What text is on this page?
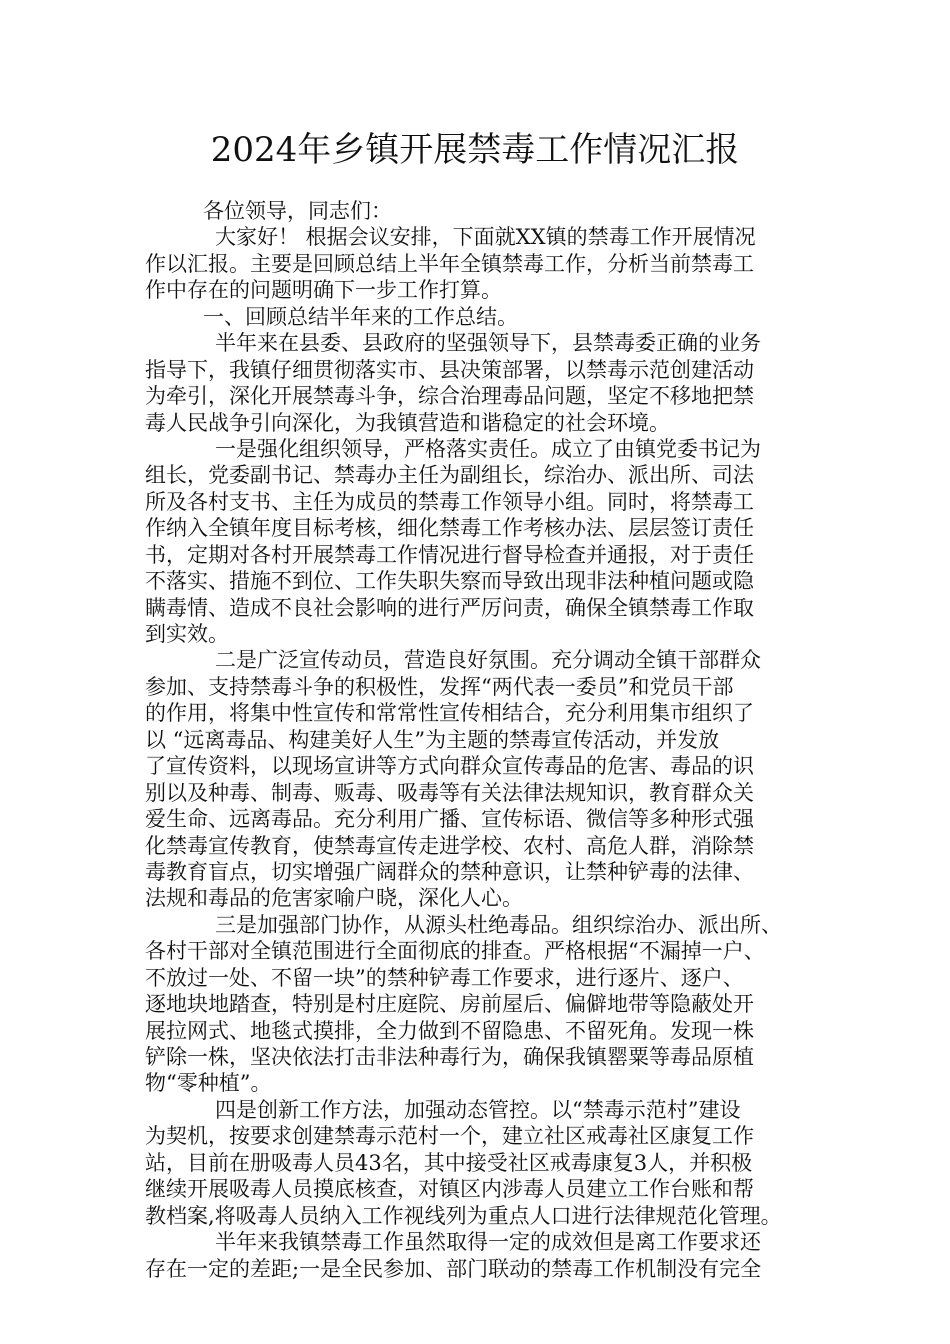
2024年乡镇开展禁毒工作情况汇报
各位领导，同志们：
大家好！ 根据会议安排，下面就XX镇的禁毒工作开展情况
作以汇报。主要是回顾总结上半年全镇禁毒工作，分析当前禁毒工
作中存在的问题明确下一步工作打算。
一、回顾总结半年来的工作总结。
半年来在县委、县政府的坚强领导下，县禁毒委正确的业务
指导下，我镇仔细贯彻落实市、县决策部署，以禁毒示范创建活动
为牵引，深化开展禁毒斗争，综合治理毒品问题，坚定不移地把禁
毒人民战争引向深化，为我镇营造和谐稳定的社会环境。
一是强化组织领导，严格落实责任。成立了由镇党委书记为
组长，党委副书记、禁毒办主任为副组长，综治办、派出所、司法
所及各村支书、主任为成员的禁毒工作领导小组。同时，将禁毒工
作纳入全镇年度目标考核，细化禁毒工作考核办法、层层签订责任
书，定期对各村开展禁毒工作情况进行督导检查并通报，对于责任
不落实、措施不到位、工作失职失察而导致出现非法种植问题或隐
瞒毒情、造成不良社会影响的进行严厉问责，确保全镇禁毒工作取
到实效。
二是广泛宣传动员，营造良好氛围。充分调动全镇干部群众
参加、支持禁毒斗争的积极性，发挥“两代表一委员”和党员干部
的作用，将集中性宣传和常常性宣传相结合，充分利用集市组织了
以 “远离毒品、构建美好人生”为主题的禁毒宣传活动，并发放
了宣传资料，以现场宣讲等方式向群众宣传毒品的危害、毒品的识
别以及种毒、制毒、贩毒、吸毒等有关法律法规知识，教育群众关
爱生命、远离毒品。充分利用广播、宣传标语、微信等多种形式强
化禁毒宣传教育，使禁毒宣传走进学校、农村、高危人群，消除禁
毒教育盲点，切实增强广阔群众的禁种意识，让禁种铲毒的法律、
法规和毒品的危害家喻户晓，深化人心。
三是加强部门协作，从源头杜绝毒品。组织综治办、派出所、
各村干部对全镇范围进行全面彻底的排查。严格根据“不漏掉一户、
不放过一处、不留一块”的禁种铲毒工作要求，进行逐片、逐户、
逐地块地踏查，特别是村庄庭院、房前屋后、偏僻地带等隐蔽处开
展拉网式、地毯式摸排，全力做到不留隐患、不留死角。发现一株
铲除一株，坚决依法打击非法种毒行为，确保我镇罂粟等毒品原植
物“零种植”。
四是创新工作方法，加强动态管控。以“禁毒示范村”建设
为契机，按要求创建禁毒示范村一个，建立社区戒毒社区康复工作
站，目前在册吸毒人员43名，其中接受社区戒毒康复3人，并积极
继续开展吸毒人员摸底核查，对镇区内涉毒人员建立工作台账和帮
教档案,将吸毒人员纳入工作视线列为重点人口进行法律规范化管理。
半年来我镇禁毒工作虽然取得一定的成效但是离工作要求还
存在一定的差距;一是全民参加、部门联动的禁毒工作机制没有完全
